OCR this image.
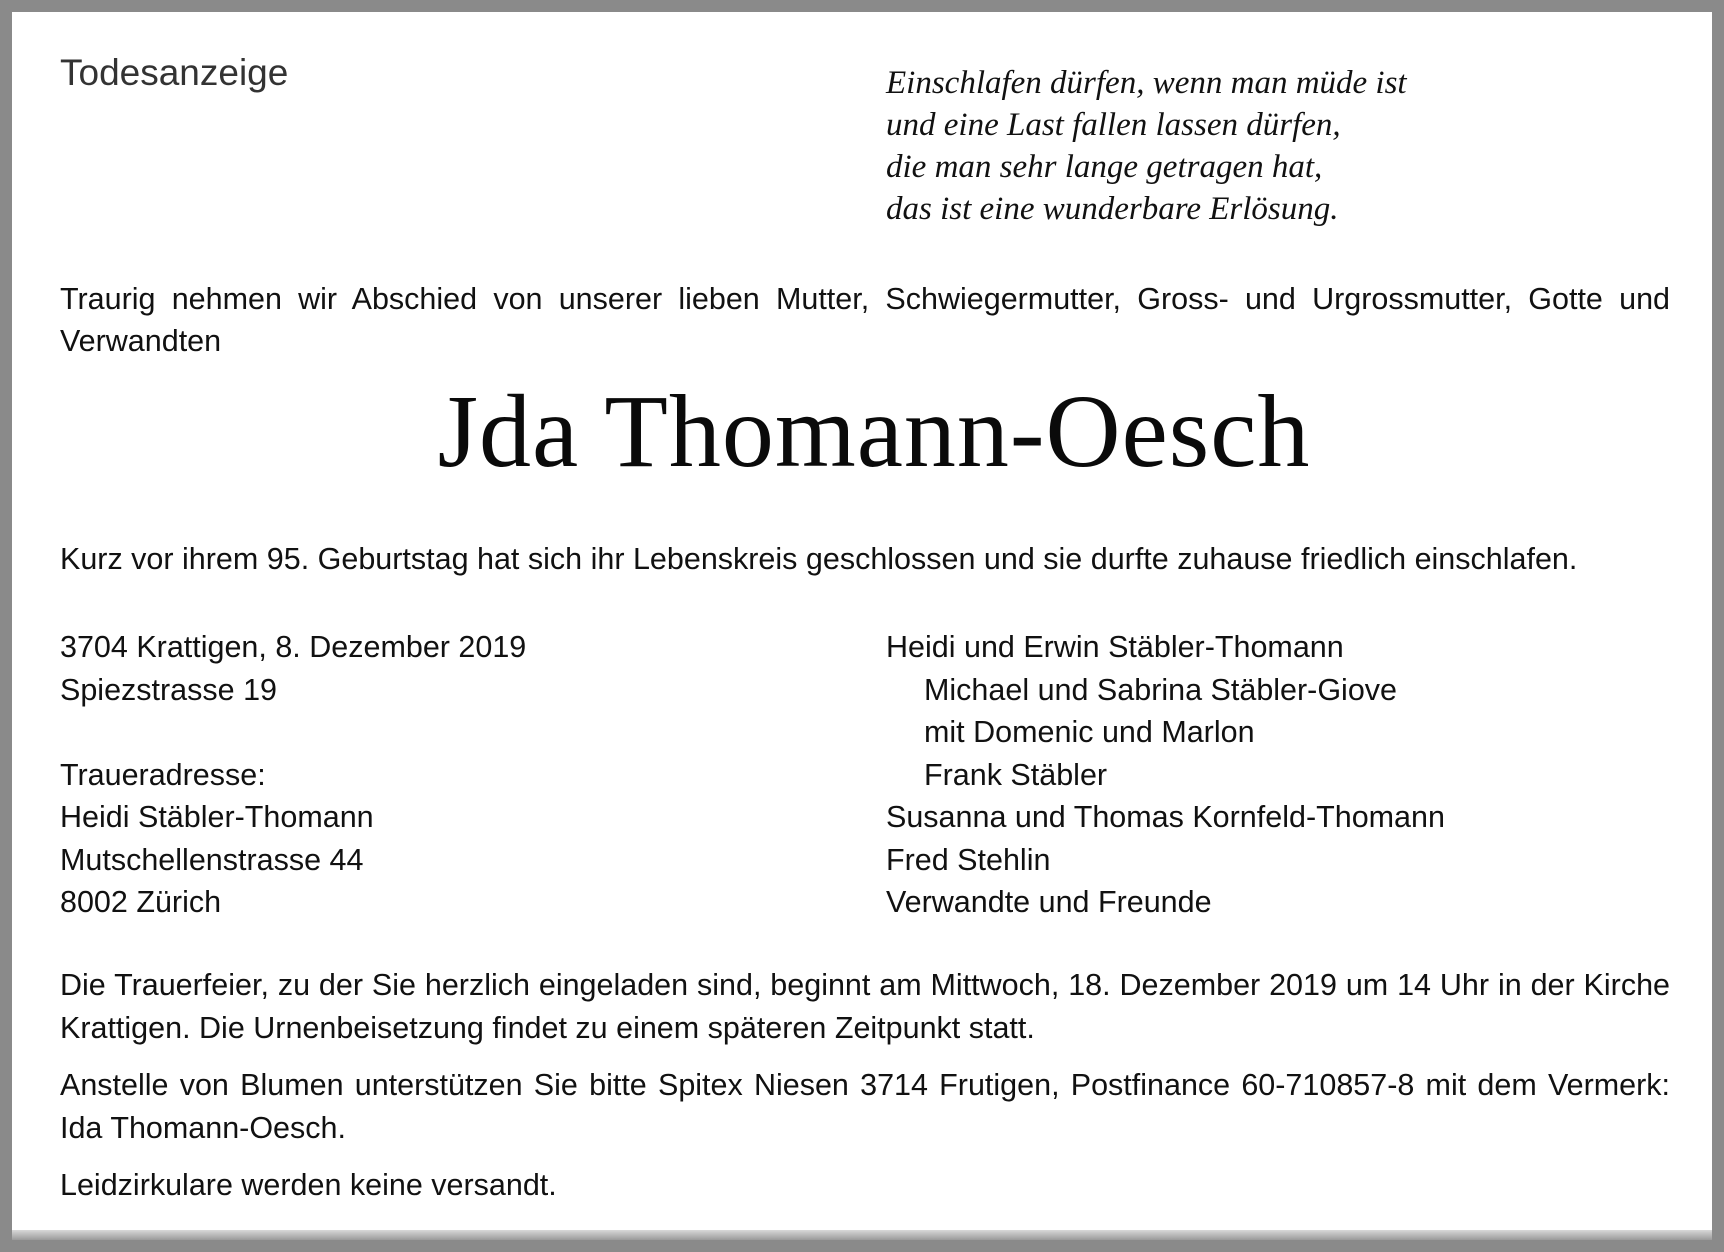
Todesanzeige	Einschlafen dürfen, wenn man müde ist
und eine Last fallen lassen dürfen,
die man sehr lange getragen hat,
das ist eine wunderbare Erlösung.
Traurig nehmen wir Abschied von unserer lieben Mutter, Schwiegermutter, Gross- und Urgrossmutter, Gotte und Verwandten
Jda Thomann-Oesch
Kurz vor ihrem 95. Geburtstag hat sich ihr Lebenskreis geschlossen und sie durfte zuhause friedlich einschlafen.
3704 Krattigen, 8. Dezember 2019
Spiezstrasse 19
Traueradresse:
Heidi Stäbler-Thomann
Mutschellenstrasse 44
8002 Zürich
Heidi und Erwin Stäbler-Thomann
Michael und Sabrina Stäbler-Giove
mit Domenic und Marlon
Frank Stäbler
Susanna und Thomas Kornfeld-Thomann
Fred Stehlin
Verwandte und Freunde
Die Trauerfeier, zu der Sie herzlich eingeladen sind, beginnt am Mittwoch, 18. Dezember 2019 um 14 Uhr in der Kirche Krattigen. Die Urnenbeisetzung findet zu einem späteren Zeitpunkt statt.
Anstelle von Blumen unterstützen Sie bitte Spitex Niesen 3714 Frutigen, Postfinance 60-710857-8 mit dem Vermerk: Ida Thomann-Oesch.
Leidzirkulare werden keine versandt.
